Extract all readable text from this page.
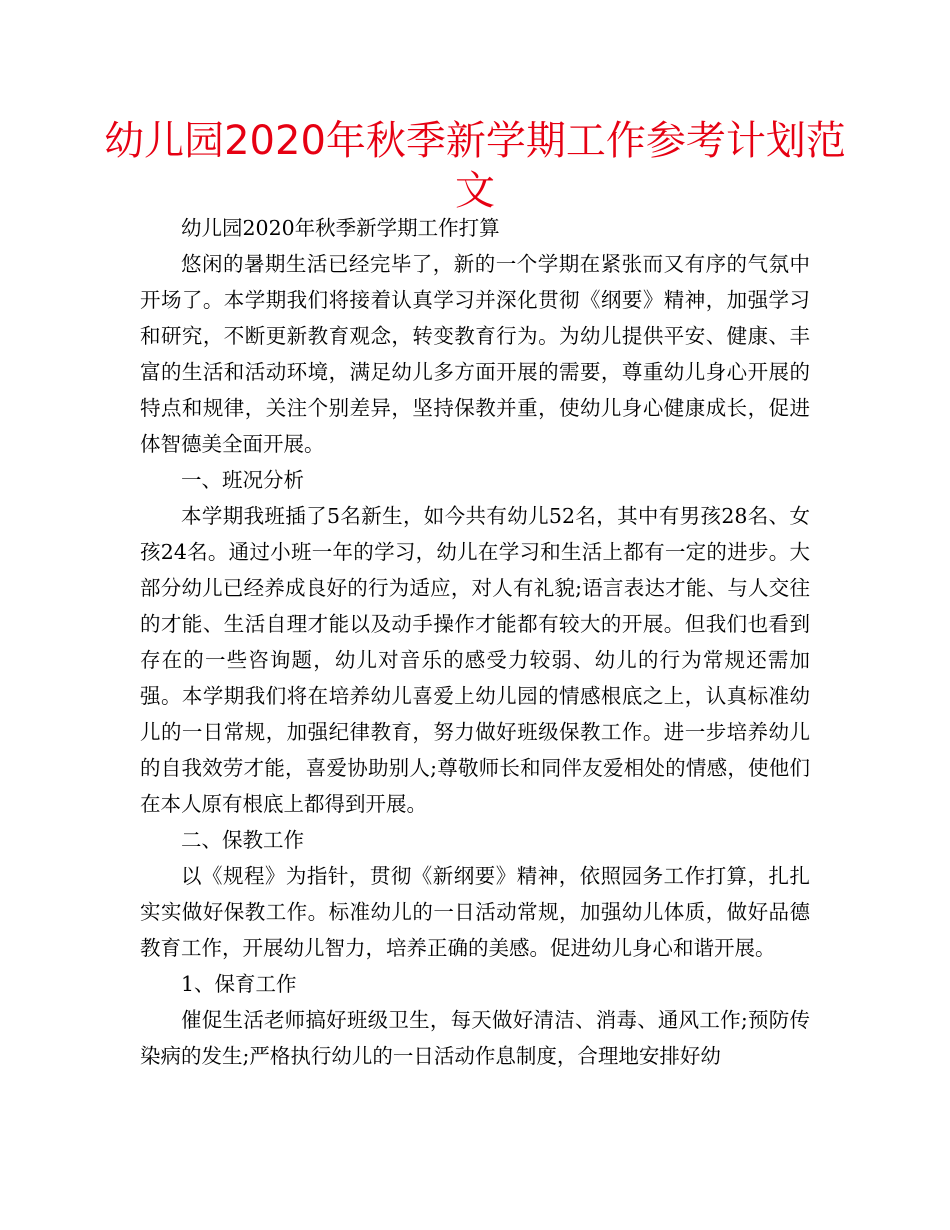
幼儿园2020年秋季新学期工作参考计划范文

幼儿园2020年秋季新学期工作打算

悠闲的暑期生活已经完毕了，新的一个学期在紧张而又有序的气氛中开场了。本学期我们将接着认真学习并深化贯彻《纲要》精神，加强学习和研究，不断更新教育观念，转变教育行为。为幼儿提供平安、健康、丰富的生活和活动环境，满足幼儿多方面开展的需要，尊重幼儿身心开展的特点和规律，关注个别差异，坚持保教并重，使幼儿身心健康成长，促进体智德美全面开展。

一、班况分析

本学期我班插了5名新生，如今共有幼儿52名，其中有男孩28名、女孩24名。通过小班一年的学习，幼儿在学习和生活上都有一定的进步。大部分幼儿已经养成良好的行为适应，对人有礼貌;语言表达才能、与人交往的才能、生活自理才能以及动手操作才能都有较大的开展。但我们也看到存在的一些咨询题，幼儿对音乐的感受力较弱、幼儿的行为常规还需加强。本学期我们将在培养幼儿喜爱上幼儿园的情感根底之上，认真标准幼儿的一日常规，加强纪律教育，努力做好班级保教工作。进一步培养幼儿的自我效劳才能，喜爱协助别人;尊敬师长和同伴友爱相处的情感，使他们在本人原有根底上都得到开展。

二、保教工作

以《规程》为指针，贯彻《新纲要》精神，依照园务工作打算，扎扎实实做好保教工作。标准幼儿的一日活动常规，加强幼儿体质，做好品德教育工作，开展幼儿智力，培养正确的美感。促进幼儿身心和谐开展。

1、保育工作

催促生活老师搞好班级卫生，每天做好清洁、消毒、通风工作;预防传染病的发生;严格执行幼儿的一日活动作息制度，合理地安排好幼
